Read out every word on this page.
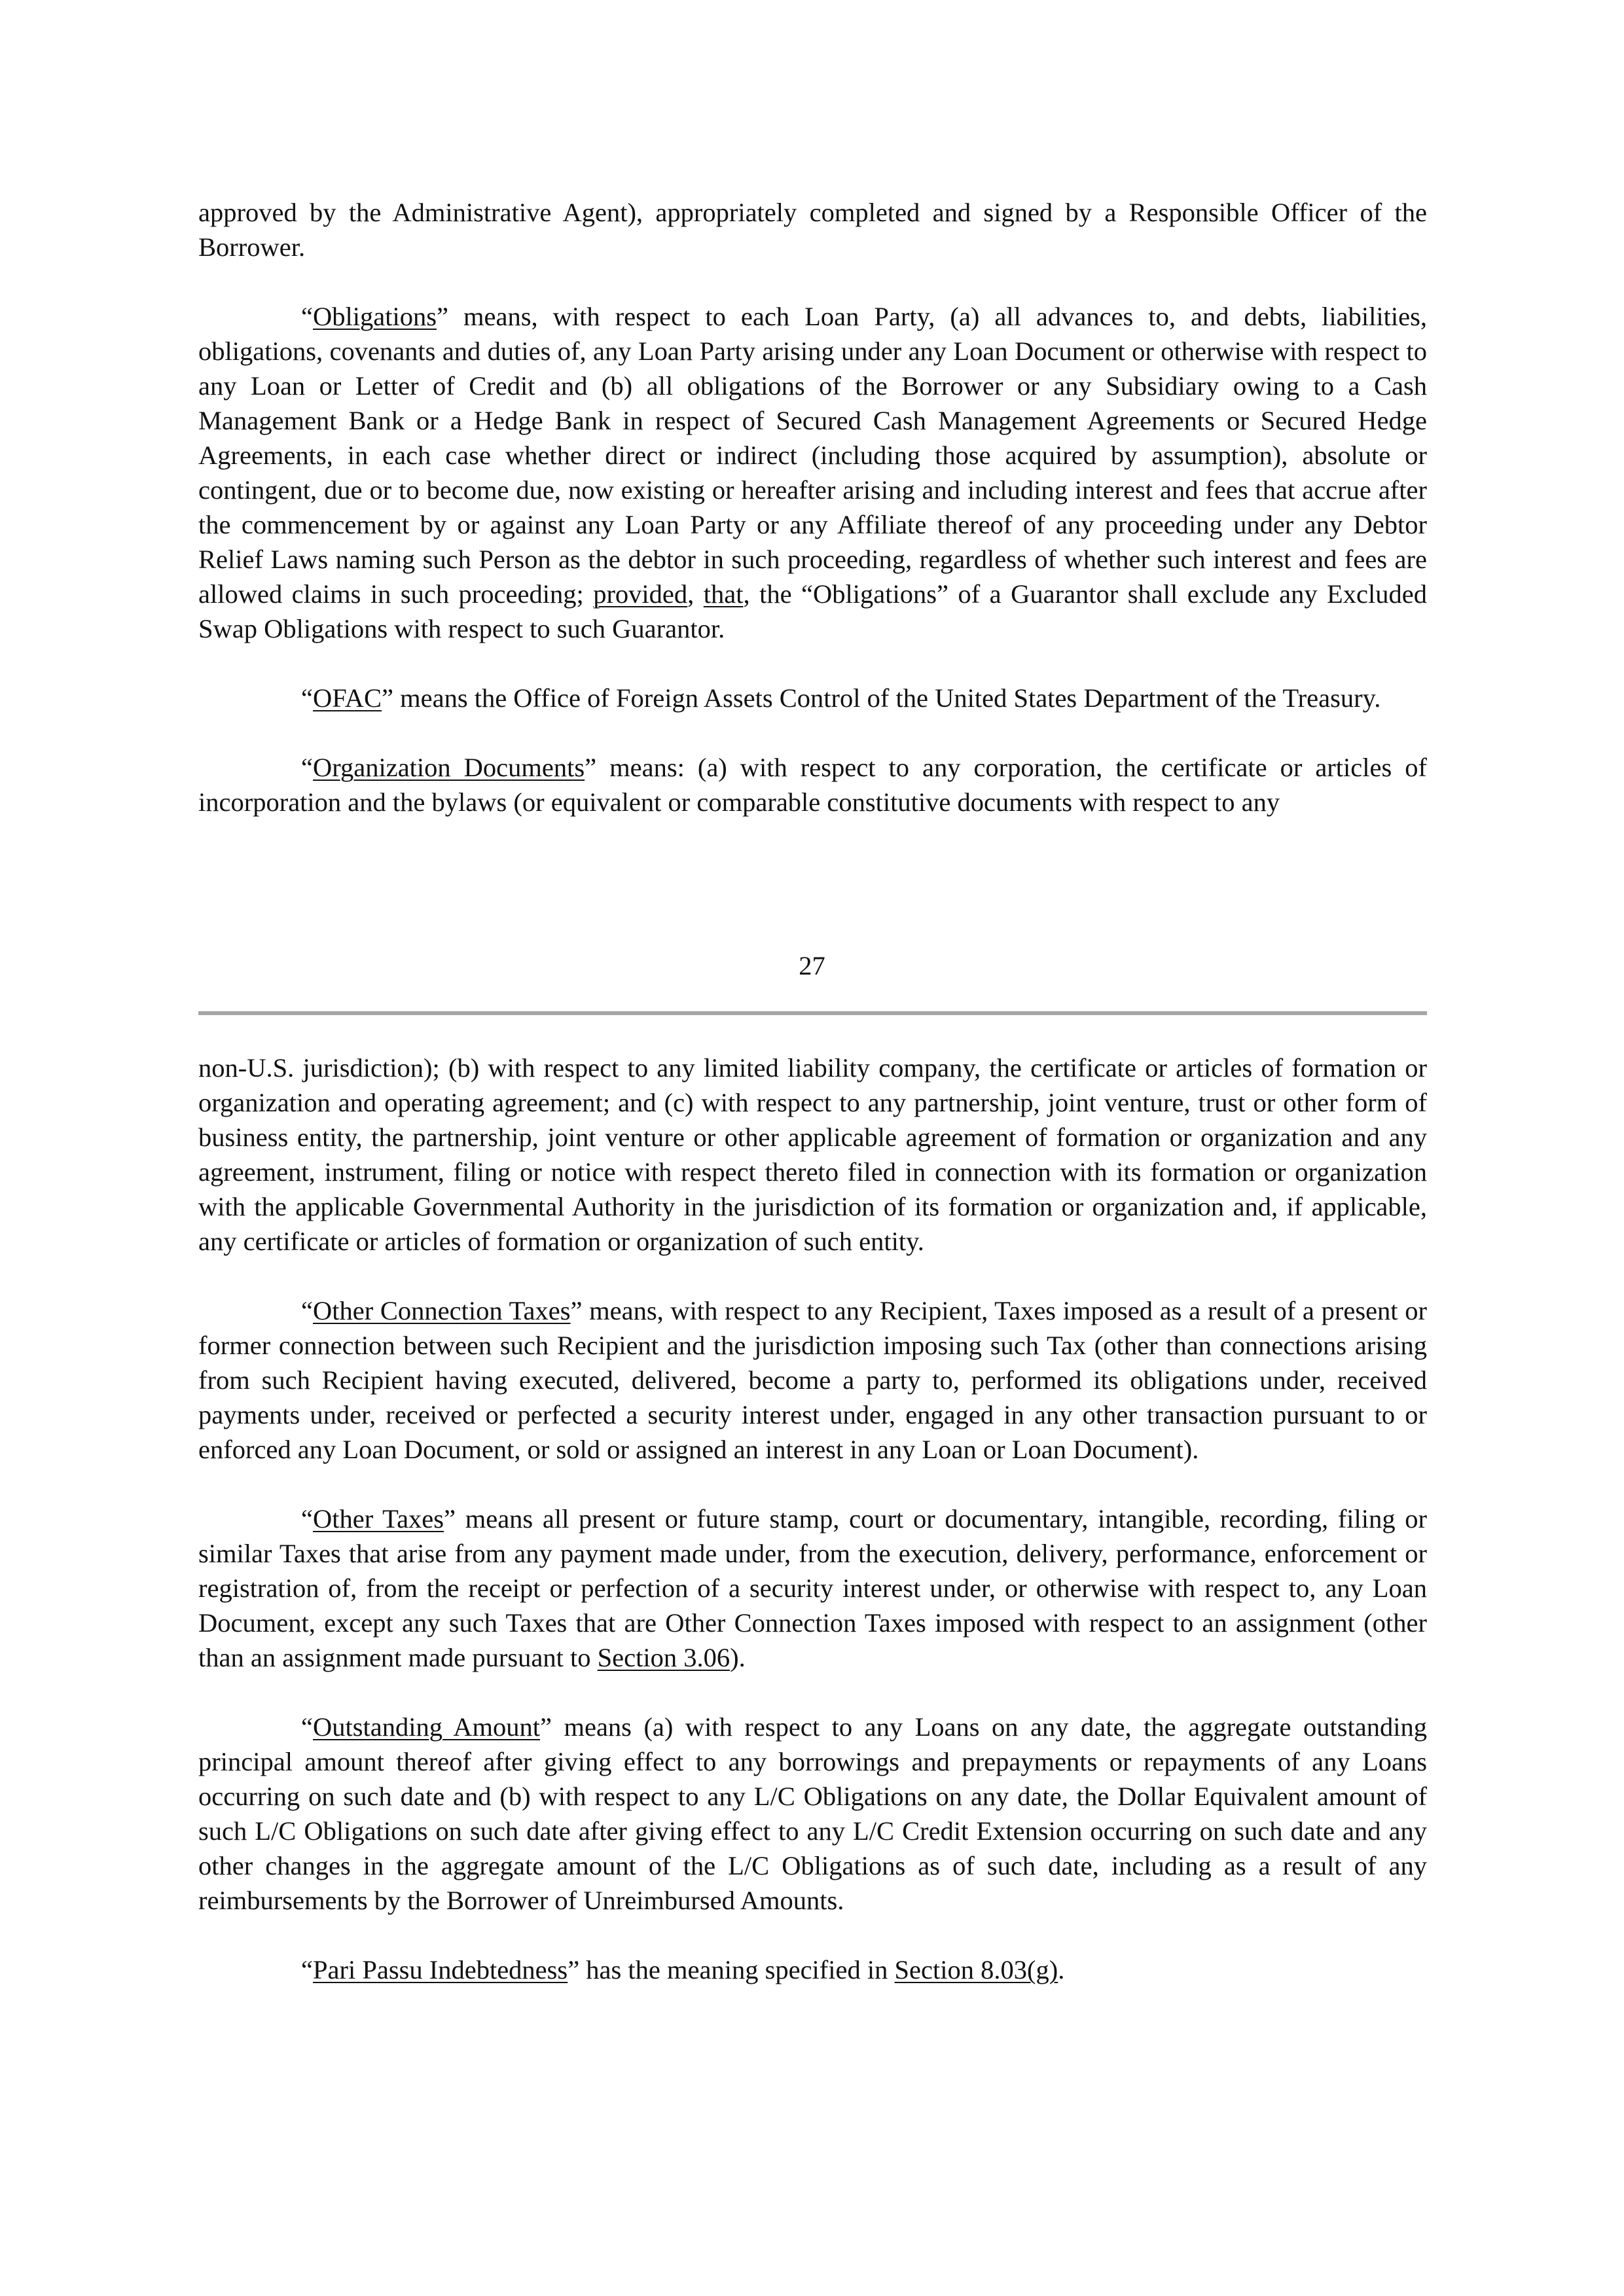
approved by the Administrative Agent), appropriately completed and signed by a Responsible Officer of the Borrower.

“Obligations” means, with respect to each Loan Party, (a) all advances to, and debts, liabilities, obligations, covenants and duties of, any Loan Party arising under any Loan Document or otherwise with respect to any Loan or Letter of Credit and (b) all obligations of the Borrower or any Subsidiary owing to a Cash Management Bank or a Hedge Bank in respect of Secured Cash Management Agreements or Secured Hedge Agreements, in each case whether direct or indirect (including those acquired by assumption), absolute or contingent, due or to become due, now existing or hereafter arising and including interest and fees that accrue after the commencement by or against any Loan Party or any Affiliate thereof of any proceeding under any Debtor Relief Laws naming such Person as the debtor in such proceeding, regardless of whether such interest and fees are allowed claims in such proceeding; provided, that, the “Obligations” of a Guarantor shall exclude any Excluded Swap Obligations with respect to such Guarantor.

“OFAC” means the Office of Foreign Assets Control of the United States Department of the Treasury.

“Organization Documents” means: (a) with respect to any corporation, the certificate or articles of incorporation and the bylaws (or equivalent or comparable constitutive documents with respect to any

27

non-U.S. jurisdiction); (b) with respect to any limited liability company, the certificate or articles of formation or organization and operating agreement; and (c) with respect to any partnership, joint venture, trust or other form of business entity, the partnership, joint venture or other applicable agreement of formation or organization and any agreement, instrument, filing or notice with respect thereto filed in connection with its formation or organization with the applicable Governmental Authority in the jurisdiction of its formation or organization and, if applicable, any certificate or articles of formation or organization of such entity.

“Other Connection Taxes” means, with respect to any Recipient, Taxes imposed as a result of a present or former connection between such Recipient and the jurisdiction imposing such Tax (other than connections arising from such Recipient having executed, delivered, become a party to, performed its obligations under, received payments under, received or perfected a security interest under, engaged in any other transaction pursuant to or enforced any Loan Document, or sold or assigned an interest in any Loan or Loan Document).

“Other Taxes” means all present or future stamp, court or documentary, intangible, recording, filing or similar Taxes that arise from any payment made under, from the execution, delivery, performance, enforcement or registration of, from the receipt or perfection of a security interest under, or otherwise with respect to, any Loan Document, except any such Taxes that are Other Connection Taxes imposed with respect to an assignment (other than an assignment made pursuant to Section 3.06).

“Outstanding Amount” means (a) with respect to any Loans on any date, the aggregate outstanding principal amount thereof after giving effect to any borrowings and prepayments or repayments of any Loans occurring on such date and (b) with respect to any L/C Obligations on any date, the Dollar Equivalent amount of such L/C Obligations on such date after giving effect to any L/C Credit Extension occurring on such date and any other changes in the aggregate amount of the L/C Obligations as of such date, including as a result of any reimbursements by the Borrower of Unreimbursed Amounts.

“Pari Passu Indebtedness” has the meaning specified in Section 8.03(g).
